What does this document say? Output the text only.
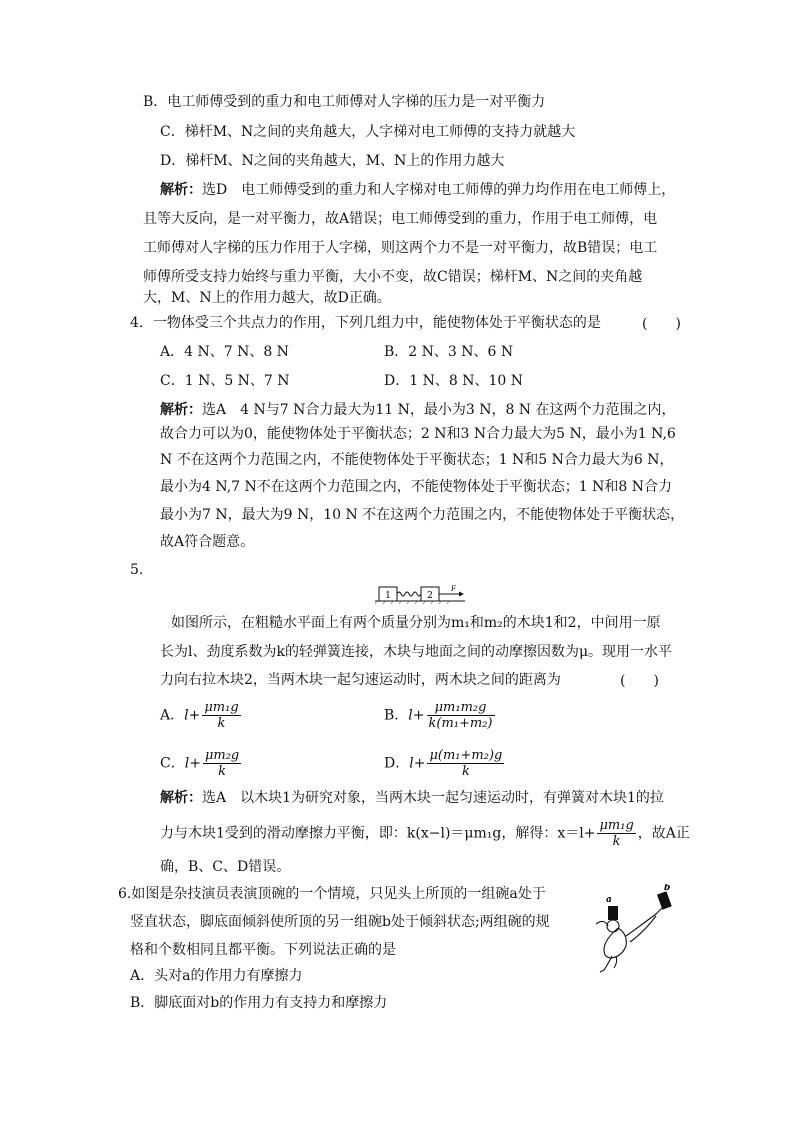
B．电工师傅受到的重力和电工师傅对人字梯的压力是一对平衡力
C．梯杆M、N之间的夹角越大，人字梯对电工师傅的支持力就越大
D．梯杆M、N之间的夹角越大，M、N上的作用力越大
解析：选D　电工师傅受到的重力和人字梯对电工师傅的弹力均作用在电工师傅上，
且等大反向，是一对平衡力，故A错误；电工师傅受到的重力，作用于电工师傅，电
工师傅对人字梯的压力作用于人字梯，则这两个力不是一对平衡力，故B错误；电工
师傅所受支持力始终与重力平衡，大小不变，故C错误；梯杆M、N之间的夹角越
大，M、N上的作用力越大，故D正确。
4．一物体受三个共点力的作用，下列几组力中，能使物体处于平衡状态的是	(　　)
A．4 N、7 N、8 N	B．2 N、3 N、6 N
C．1 N、5 N、7 N	D．1 N、8 N、10 N
解析：选A　4 N与7 N合力最大为11 N，最小为3 N，8 N 在这两个力范围之内，
故合力可以为0，能使物体处于平衡状态；2 N和3 N合力最大为5 N，最小为1 N,6
N 不在这两个力范围之内，不能使物体处于平衡状态；1 N和5 N合力最大为6 N，
最小为4 N,7 N不在这两个力范围之内，不能使物体处于平衡状态；1 N和8 N合力
最小为7 N，最大为9 N，10 N 不在这两个力范围之内，不能使物体处于平衡状态，
故A符合题意。
5.
1	2
F
如图所示，在粗糙水平面上有两个质量分别为m₁和m₂的木块1和2，中间用一原
长为l、劲度系数为k的轻弹簧连接，木块与地面之间的动摩擦因数为μ。现用一水平
力向右拉木块2，当两木块一起匀速运动时，两木块之间的距离为	(　　)
A．$l+ \frac{\text{μm₁g}}{k}$	B．$l+ \frac{\text{μm₁m₂g}}{\text{k(m₁+m₂)}}$
C．$l+ \frac{\text{μm₂g}}{k}$	D．$l+ \frac{\text{μ(m₁+m₂)g}}{k}$
解析：选A　以木块1为研究对象，当两木块一起匀速运动时，有弹簧对木块1的拉
力与木块1受到的滑动摩擦力平衡，即：k(x−l)＝μm₁g，解得：$x=l+ \frac{\text{μm₁g}}{k}$ ，故A正
确，B、C、D错误。
6.如图是杂技演员表演顶碗的一个情境，只见头上所顶的一组碗a处于
竖直状态，脚底面倾斜使所顶的另一组碗b处于倾斜状态;两组碗的规
格和个数相同且都平衡。下列说法正确的是
A．头对a的作用力有摩擦力
B．脚底面对b的作用力有支持力和摩擦力
a
b
